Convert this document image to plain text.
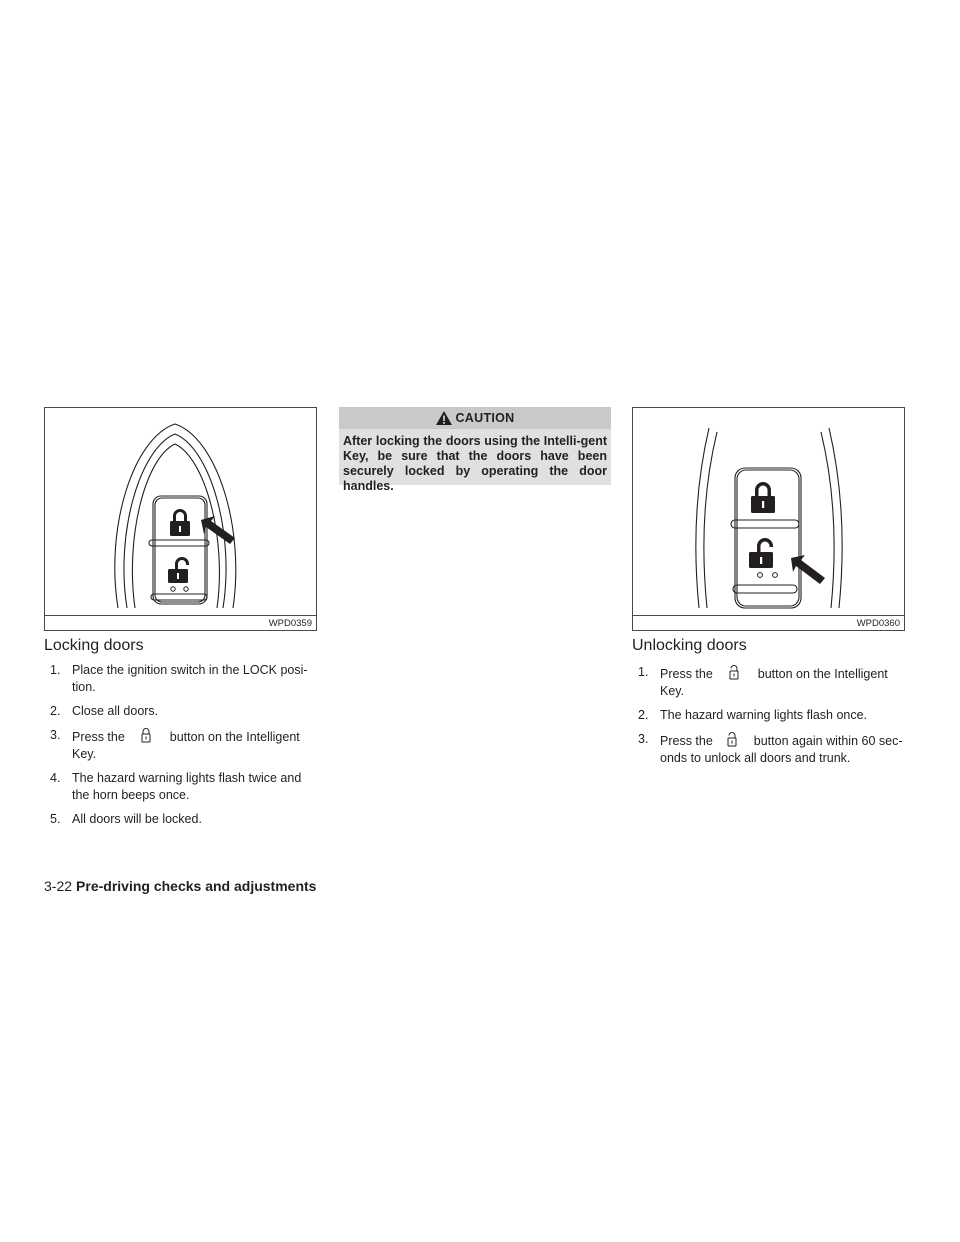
WPD0359	WPD0360
Locking doors
1. Place the ignition switch in the LOCK posi-tion.
2. Close all doors.
3. Press the	button on the Intelligent Key.
4. The hazard warning lights flash twice and the horn beeps once.
5. All doors will be locked.
CAUTION
After locking the doors using the Intelli-gent Key, be sure that the doors have been securely locked by operating the door handles.
Unlocking doors
1. Press the	button on the Intelligent Key.
2. The hazard warning lights flash once.
3. Press the	button again within 60 sec-onds to unlock all doors and trunk.
3-22 Pre-driving checks and adjustments
